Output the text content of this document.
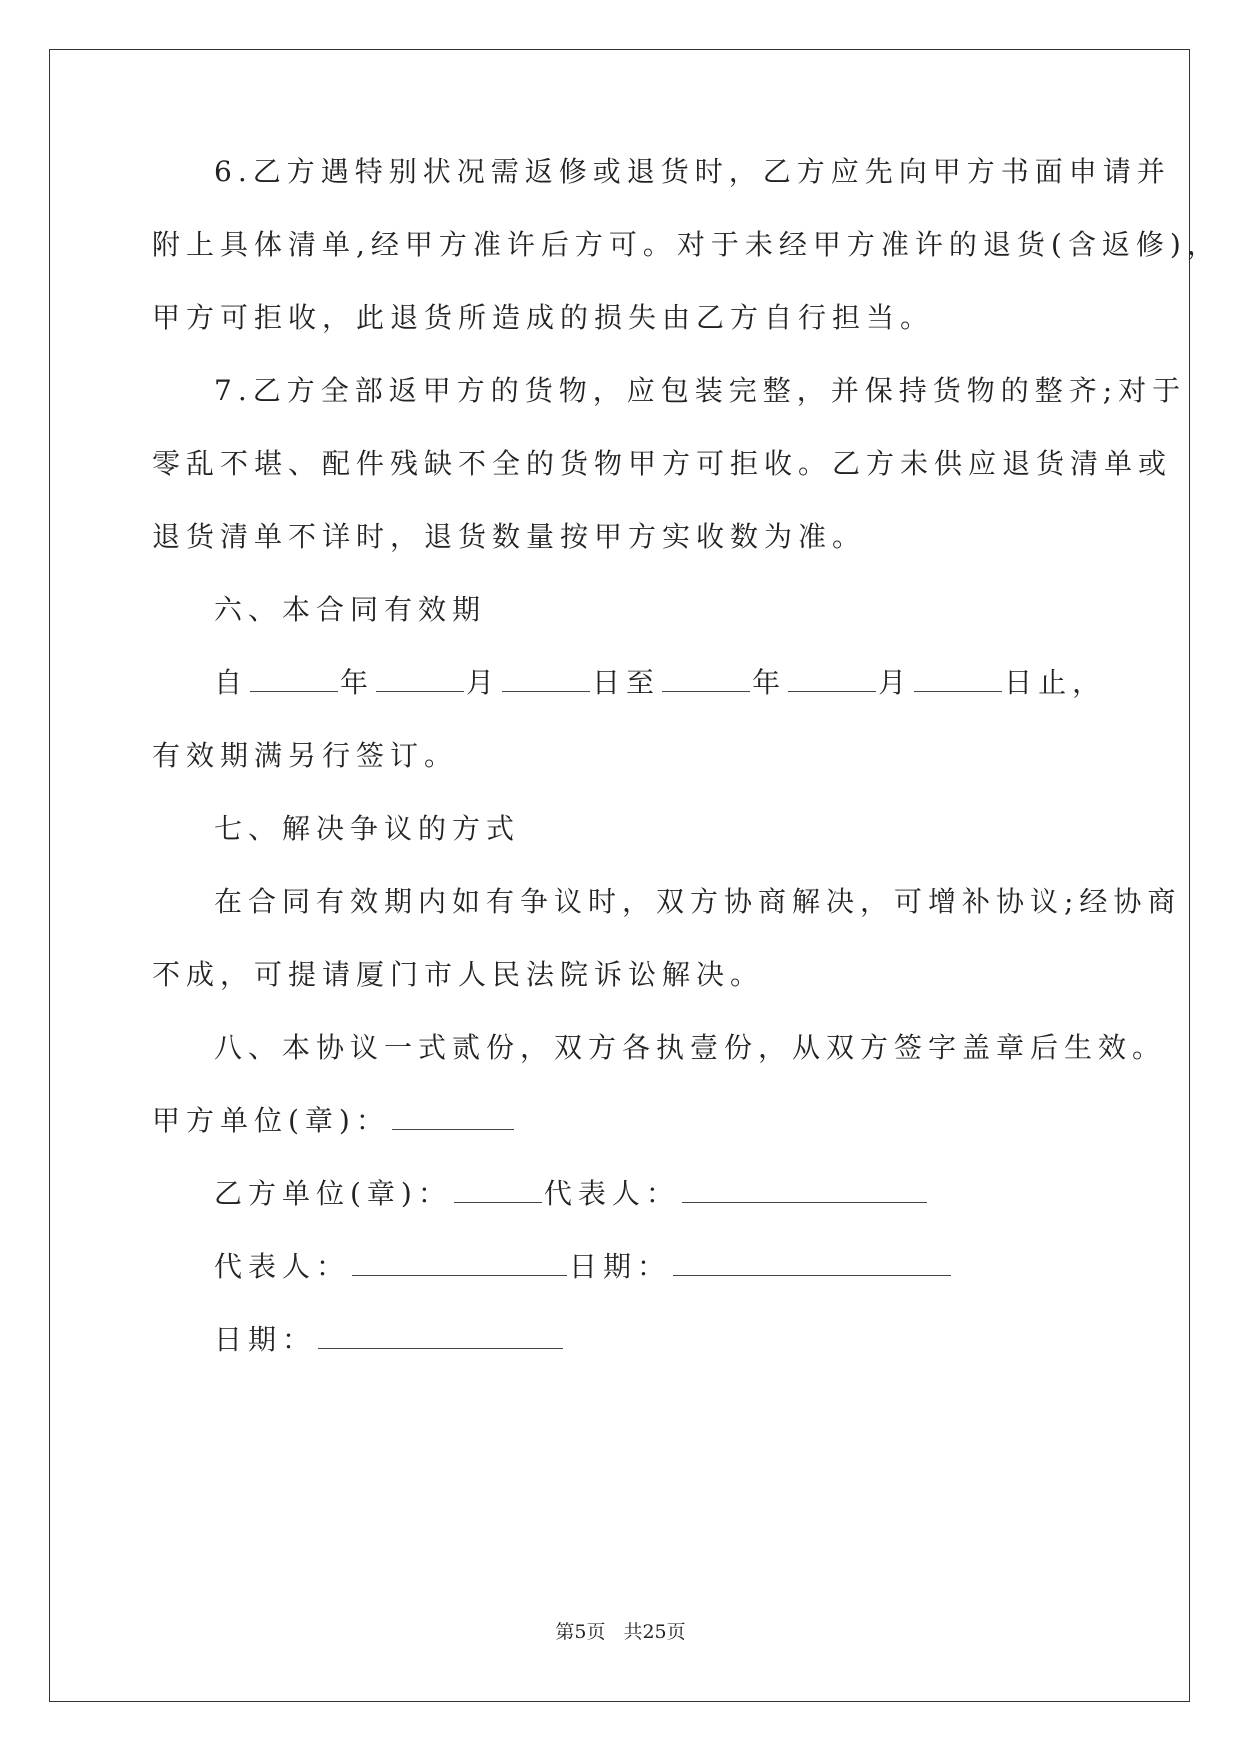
6.乙方遇特别状况需返修或退货时，乙方应先向甲方书面申请并
附上具体清单,经甲方准许后方可。对于未经甲方准许的退货(含返修)，
甲方可拒收，此退货所造成的损失由乙方自行担当。
7.乙方全部返甲方的货物，应包装完整，并保持货物的整齐;对于
零乱不堪、配件残缺不全的货物甲方可拒收。乙方未供应退货清单或
退货清单不详时，退货数量按甲方实收数为准。
六、本合同有效期
自	年	月	日至	年	月	日止，
有效期满另行签订。
七、解决争议的方式
在合同有效期内如有争议时，双方协商解决，可增补协议;经协商
不成，可提请厦门市人民法院诉讼解决。
八、本协议一式贰份，双方各执壹份，从双方签字盖章后生效。
甲方单位(章)：
乙方单位(章)：	代表人：
代表人：	日期：
日期：
第5页 共25页
